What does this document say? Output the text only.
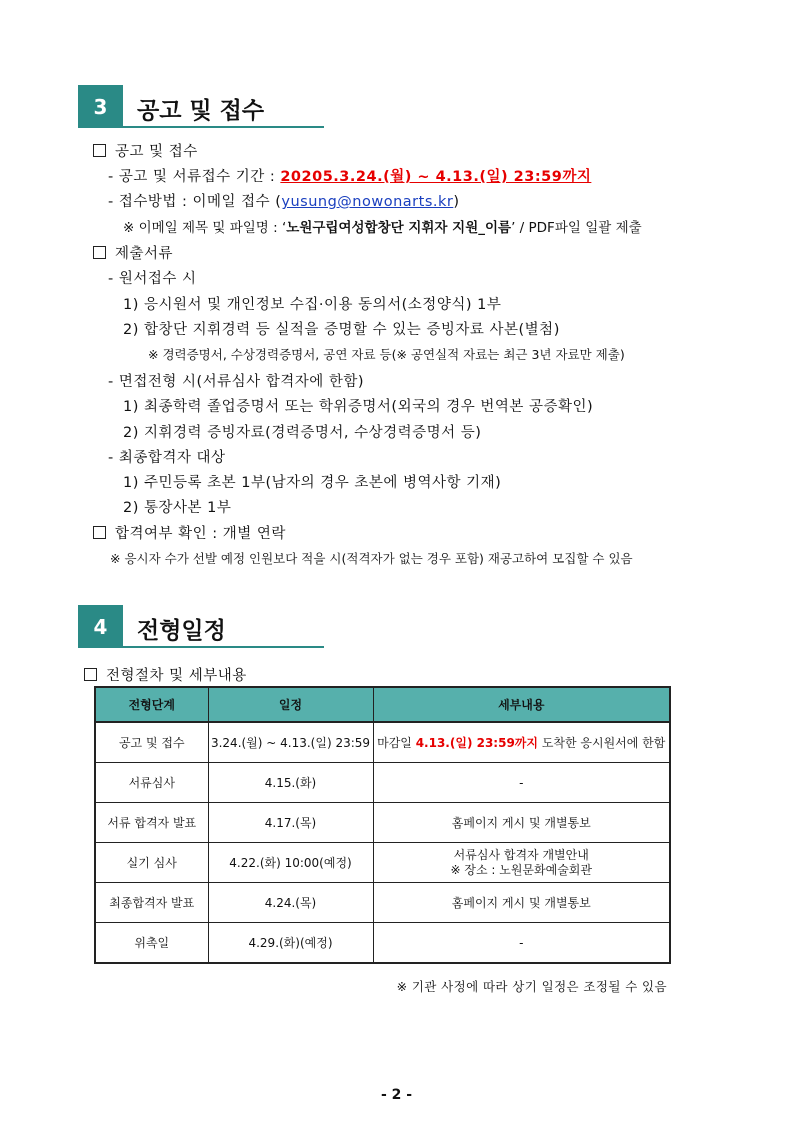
3	공고 및 접수
공고 및 접수
- 공고 및 서류접수 기간 : 20205.3.24.(월) ~ 4.13.(일) 23:59까지
- 접수방법 : 이메일 접수 (yusung@nowonarts.kr)
※ 이메일 제목 및 파일명 : ‘노원구립여성합창단 지휘자 지원_이름’ / PDF파일 일괄 제출
제출서류
- 원서접수 시
1) 응시원서 및 개인정보 수집·이용 동의서(소정양식) 1부
2) 합창단 지휘경력 등 실적을 증명할 수 있는 증빙자료 사본(별첨)
※ 경력증명서, 수상경력증명서, 공연 자료 등(※ 공연실적 자료는 최근 3년 자료만 제출)
- 면접전형 시(서류심사 합격자에 한함)
1) 최종학력 졸업증명서 또는 학위증명서(외국의 경우 번역본 공증확인)
2) 지휘경력 증빙자료(경력증명서, 수상경력증명서 등)
- 최종합격자 대상
1) 주민등록 초본 1부(남자의 경우 초본에 병역사항 기재)
2) 통장사본 1부
합격여부 확인 : 개별 연락
※ 응시자 수가 선발 예정 인원보다 적을 시(적격자가 없는 경우 포함) 재공고하여 모집할 수 있음
4	전형일정
전형절차 및 세부내용
전형단계	일정	세부내용
공고 및 접수	3.24.(월) ~ 4.13.(일) 23:59	마감일 4.13.(일) 23:59까지 도착한 응시원서에 한함
서류심사	4.15.(화)	-
서류 합격자 발표	4.17.(목)	홈페이지 게시 및 개별통보
실기 심사	4.22.(화) 10:00(예정)	서류심사 합격자 개별안내
※ 장소 : 노원문화예술회관

최종합격자 발표	4.24.(목)	홈페이지 게시 및 개별통보
위촉일	4.29.(화)(예정)	-
※ 기관 사정에 따라 상기 일정은 조정될 수 있음
- 2 -
